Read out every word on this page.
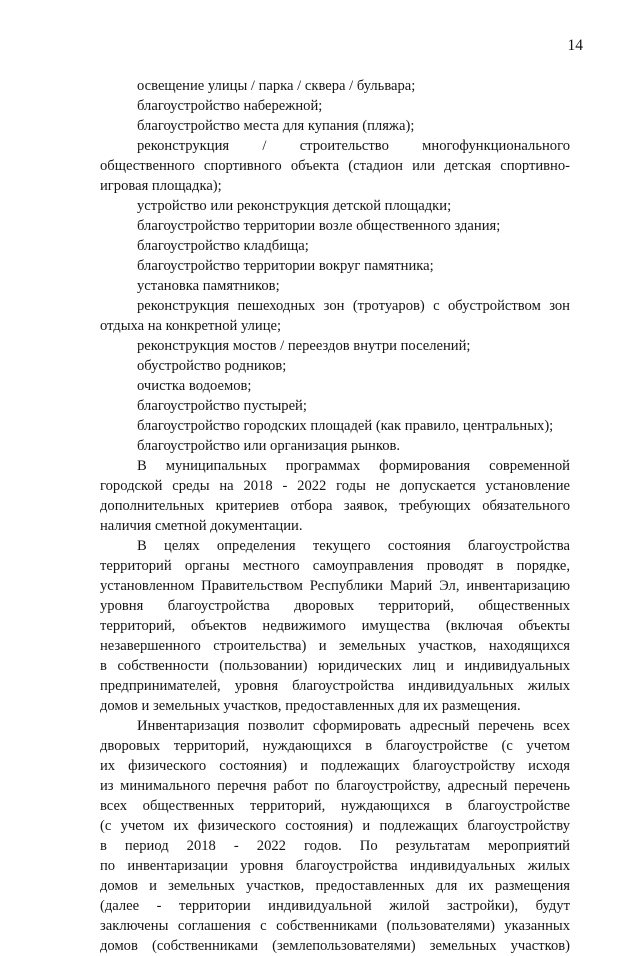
14
освещение улицы / парка / сквера / бульвара;
благоустройство набережной;
благоустройство места для купания (пляжа);
реконструкция / строительство многофункционального
общественного спортивного объекта (стадион или детская спортивно-
игровая площадка);
устройство или реконструкция детской площадки;
благоустройство территории возле общественного здания;
благоустройство кладбища;
благоустройство территории вокруг памятника;
установка памятников;
реконструкция пешеходных зон (тротуаров) с обустройством зон
отдыха на конкретной улице;
реконструкция мостов / переездов внутри поселений;
обустройство родников;
очистка водоемов;
благоустройство пустырей;
благоустройство городских площадей (как правило, центральных);
благоустройство или организация рынков.
В муниципальных программах формирования современной
городской среды на 2018 - 2022 годы не допускается установление
дополнительных критериев отбора заявок, требующих обязательного
наличия сметной документации.
В целях определения текущего состояния благоустройства
территорий органы местного самоуправления проводят в порядке,
установленном Правительством Республики Марий Эл, инвентаризацию
уровня благоустройства дворовых территорий, общественных
территорий, объектов недвижимого имущества (включая объекты
незавершенного строительства) и земельных участков, находящихся
в собственности (пользовании) юридических лиц и индивидуальных
предпринимателей, уровня благоустройства индивидуальных жилых
домов и земельных участков, предоставленных для их размещения.
Инвентаризация позволит сформировать адресный перечень всех
дворовых территорий, нуждающихся в благоустройстве (с учетом
их физического состояния) и подлежащих благоустройству исходя
из минимального перечня работ по благоустройству, адресный перечень
всех общественных территорий, нуждающихся в благоустройстве
(с учетом их физического состояния) и подлежащих благоустройству
в период 2018 - 2022 годов. По результатам мероприятий
по инвентаризации уровня благоустройства индивидуальных жилых
домов и земельных участков, предоставленных для их размещения
(далее - территории индивидуальной жилой застройки), будут
заключены соглашения с собственниками (пользователями) указанных
домов (собственниками (землепользователями) земельных участков)
